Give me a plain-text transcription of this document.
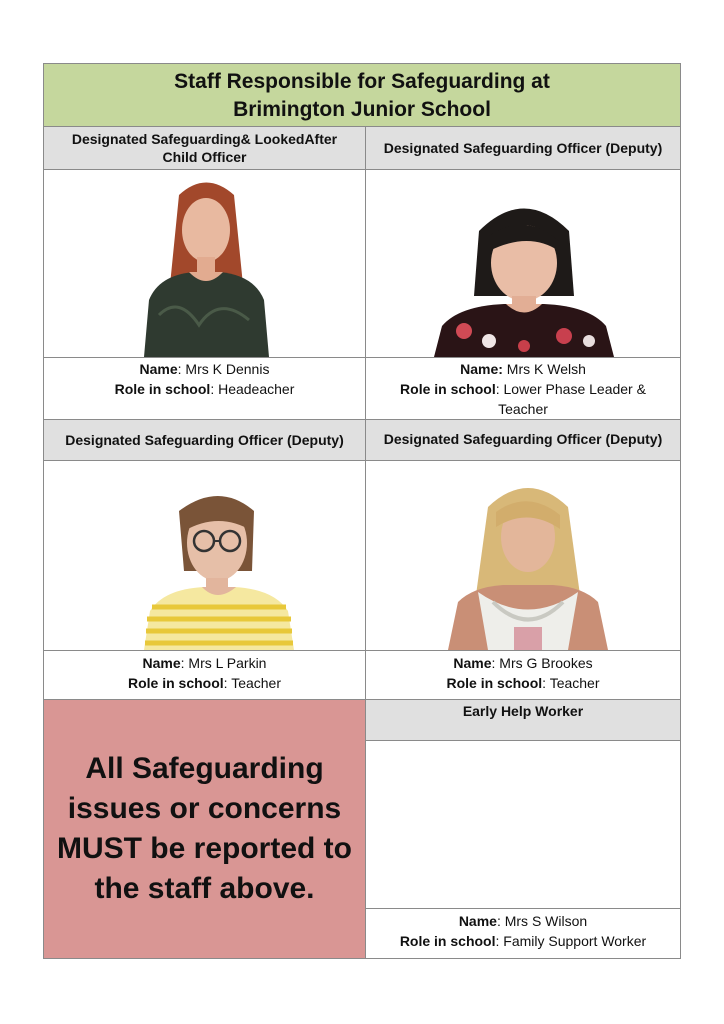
Staff Responsible for Safeguarding at
Brimington Junior School
Designated Safeguarding& LookedAfter Child Officer
Designated Safeguarding Officer (Deputy)
Name: Mrs K Dennis
Role in school: Headeacher
Name: Mrs K Welsh
Role in school: Lower Phase Leader & Teacher
Designated Safeguarding Officer (Deputy)	Designated Safeguarding Officer (Deputy)
Name: Mrs L Parkin
Role in school: Teacher
Name: Mrs G Brookes
Role in school: Teacher
All Safeguarding issues or concerns MUST be reported to the staff above.
Early Help Worker
Name: Mrs S Wilson
Role in school: Family Support Worker
